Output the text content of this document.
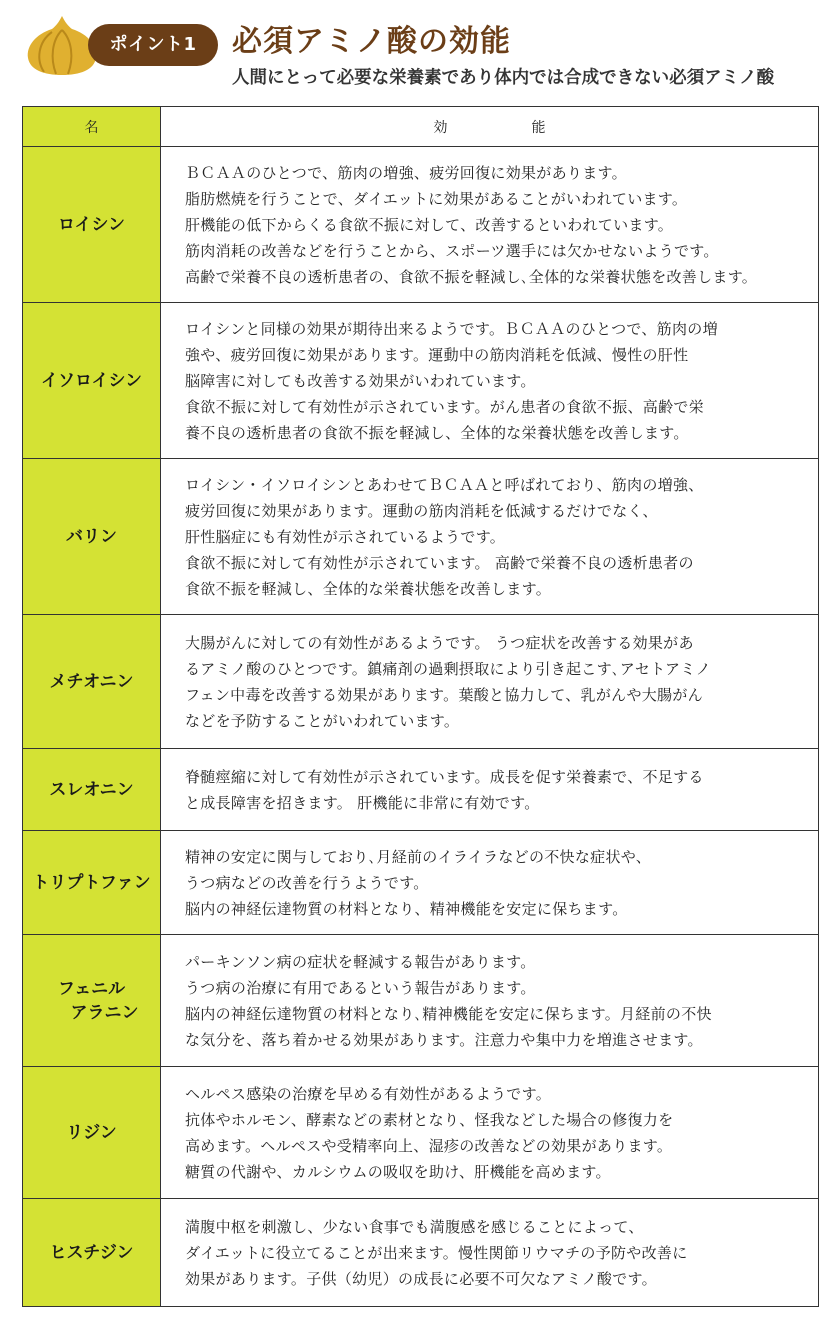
ポイント1	必須アミノ酸の効能
人間にとって必要な栄養素であり体内では合成できない必須アミノ酸
名	効　　　　　　能

ロイシン	ＢＣＡＡのひとつで、筋肉の増強、疲労回復に効果があります。
脂肪燃焼を行うことで、ダイエットに効果があることがいわれています。
肝機能の低下からくる食欲不振に対して、改善するといわれています。
筋肉消耗の改善などを行うことから、スポーツ選手には欠かせないようです。
高齢で栄養不良の透析患者の、食欲不振を軽減し､全体的な栄養状態を改善します。

イソロイシン	ロイシンと同様の効果が期待出来るようです。ＢＣＡＡのひとつで、筋肉の増
強や、疲労回復に効果があります。運動中の筋肉消耗を低減、慢性の肝性
脳障害に対しても改善する効果がいわれています。
食欲不振に対して有効性が示されています。がん患者の食欲不振、高齢で栄
養不良の透析患者の食欲不振を軽減し、全体的な栄養状態を改善します。

バリン	ロイシン・イソロイシンとあわせてＢＣＡＡと呼ばれており、筋肉の増強、
疲労回復に効果があります。運動の筋肉消耗を低減するだけでなく、
肝性脳症にも有効性が示されているようです。
食欲不振に対して有効性が示されています。 高齢で栄養不良の透析患者の
食欲不振を軽減し、全体的な栄養状態を改善します。

メチオニン	大腸がんに対しての有効性があるようです。 うつ症状を改善する効果があ
るアミノ酸のひとつです。鎮痛剤の過剰摂取により引き起こす､アセトアミノ
フェン中毒を改善する効果があります。葉酸と協力して、乳がんや大腸がん
などを予防することがいわれています。

スレオニン	脊髄痙縮に対して有効性が示されています。成長を促す栄養素で、不足する
と成長障害を招きます。 肝機能に非常に有効です。

トリプトファン	精神の安定に関与しており､月経前のイライラなどの不快な症状や、
うつ病などの改善を行うようです。
脳内の神経伝達物質の材料となり、精神機能を安定に保ちます。

フェニル
アラニン	パーキンソン病の症状を軽減する報告があります。
うつ病の治療に有用であるという報告があります。
脳内の神経伝達物質の材料となり､精神機能を安定に保ちます。月経前の不快
な気分を、落ち着かせる効果があります。注意力や集中力を増進させます。

リジン	ヘルペス感染の治療を早める有効性があるようです。
抗体やホルモン、酵素などの素材となり、怪我などした場合の修復力を
高めます。ヘルペスや受精率向上、湿疹の改善などの効果があります。
糖質の代謝や、カルシウムの吸収を助け、肝機能を高めます。

ヒスチジン	満腹中枢を刺激し、少ない食事でも満腹感を感じることによって、
ダイエットに役立てることが出来ます。慢性関節リウマチの予防や改善に
効果があります。子供（幼児）の成長に必要不可欠なアミノ酸です。
